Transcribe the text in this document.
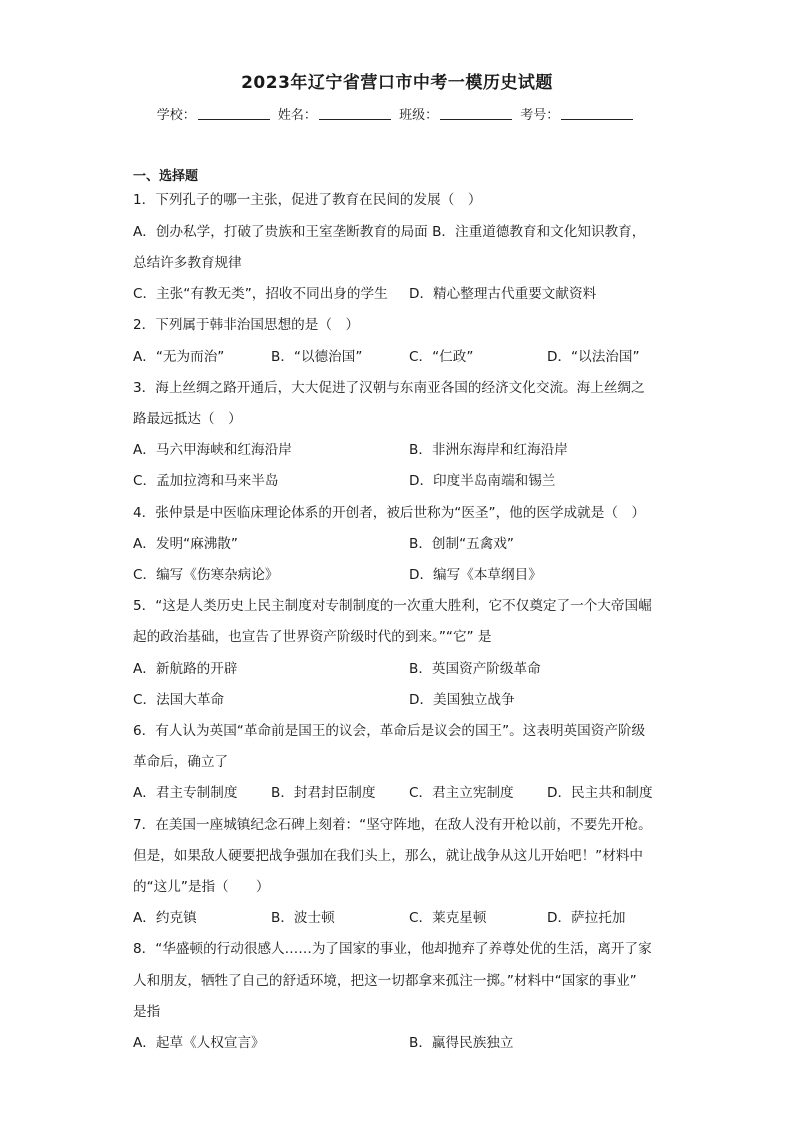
2023年辽宁省营口市中考一模历史试题
学校：	姓名：	班级：	考号：
一、选择题
1．下列孔子的哪一主张，促进了教育在民间的发展（　）
A．创办私学，打破了贵族和王室垄断教育的局面 B．注重道德教育和文化知识教育，
总结许多教育规律
C．主张“有教无类”，招收不同出身的学生 D．精心整理古代重要文献资料
2．下列属于韩非治国思想的是（　）
A．“无为而治”	B．“以德治国”	C．“仁政”	D．“以法治国”
3．海上丝绸之路开通后，大大促进了汉朝与东南亚各国的经济文化交流。海上丝绸之
路最远抵达（　）
A．马六甲海峡和红海沿岸	B．非洲东海岸和红海沿岸
C．孟加拉湾和马来半岛	D．印度半岛南端和锡兰
4．张仲景是中医临床理论体系的开创者，被后世称为“医圣”，他的医学成就是（　）
A．发明“麻沸散”	B．创制“五禽戏”
C．编写《伤寒杂病论》	D．编写《本草纲目》
5．“这是人类历史上民主制度对专制制度的一次重大胜利，它不仅奠定了一个大帝国崛
起的政治基础，也宣告了世界资产阶级时代的到来。”“它” 是
A．新航路的开辟	B．英国资产阶级革命
C．法国大革命	D．美国独立战争
6．有人认为英国“革命前是国王的议会，革命后是议会的国王”。这表明英国资产阶级
革命后，确立了
A．君主专制制度 B．封君封臣制度 C．君主立宪制度 D．民主共和制度
7．在美国一座城镇纪念石碑上刻着：“坚守阵地，在敌人没有开枪以前，不要先开枪。
但是，如果敌人硬要把战争强加在我们头上，那么，就让战争从这儿开始吧！”材料中
的“这儿”是指（　　）
A．约克镇	B．波士顿	C．莱克星顿	D．萨拉托加
8．“华盛顿的行动很感人……为了国家的事业，他却抛弃了养尊处优的生活，离开了家
人和朋友，牺牲了自己的舒适环境，把这一切都拿来孤注一掷。”材料中“国家的事业”
是指
A．起草《人权宣言》	B．赢得民族独立
